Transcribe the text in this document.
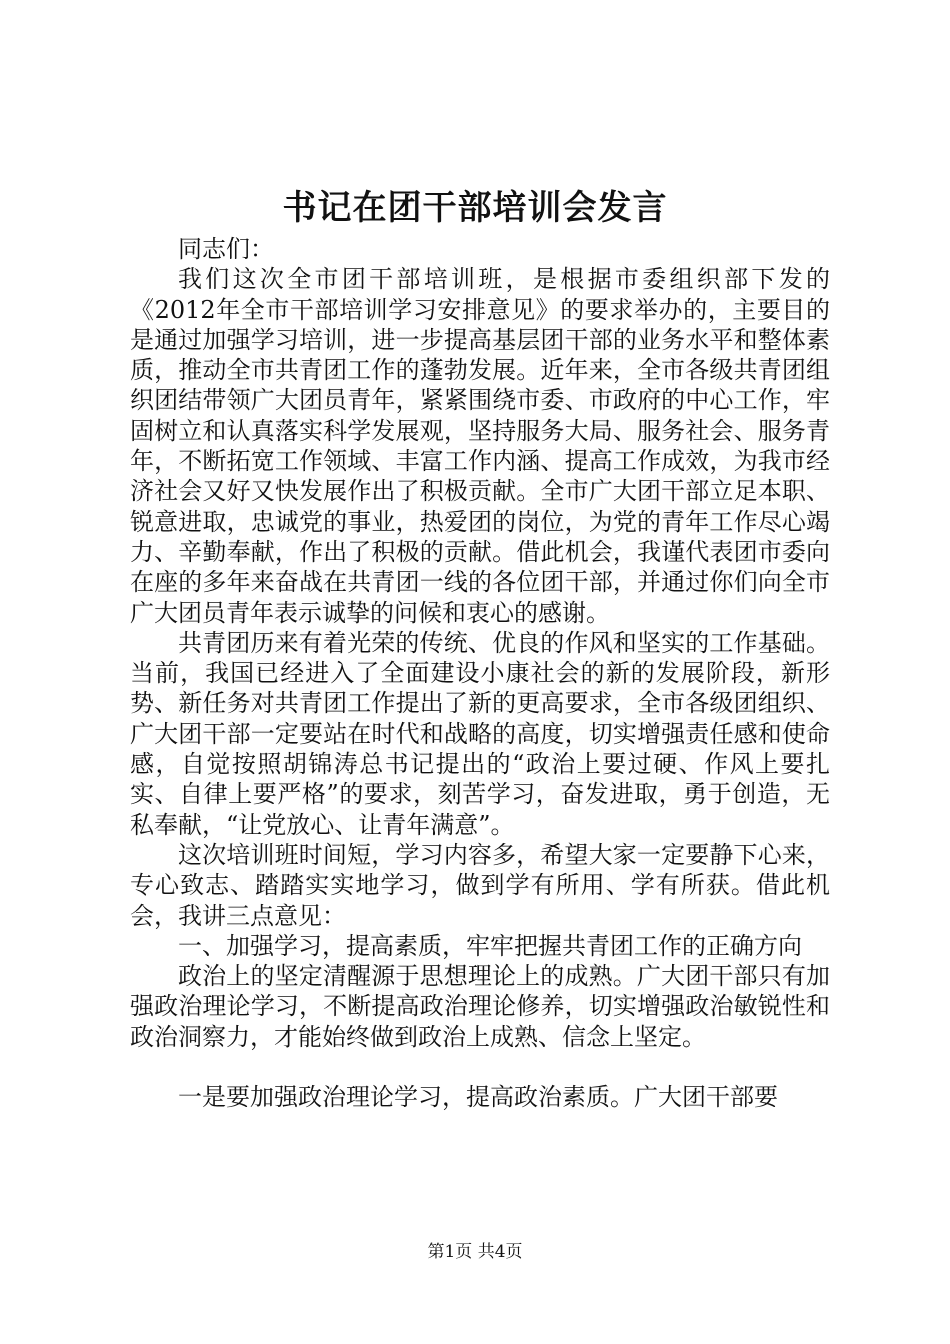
书记在团干部培训会发言

同志们：

我们这次全市团干部培训班，是根据市委组织部下发的《2012年全市干部培训学习安排意见》的要求举办的，主要目的是通过加强学习培训，进一步提高基层团干部的业务水平和整体素质，推动全市共青团工作的蓬勃发展。近年来，全市各级共青团组织团结带领广大团员青年，紧紧围绕市委、市政府的中心工作，牢固树立和认真落实科学发展观，坚持服务大局、服务社会、服务青年，不断拓宽工作领域、丰富工作内涵、提高工作成效，为我市经济社会又好又快发展作出了积极贡献。全市广大团干部立足本职、锐意进取，忠诚党的事业，热爱团的岗位，为党的青年工作尽心竭力、辛勤奉献，作出了积极的贡献。借此机会，我谨代表团市委向在座的多年来奋战在共青团一线的各位团干部，并通过你们向全市广大团员青年表示诚挚的问候和衷心的感谢。

共青团历来有着光荣的传统、优良的作风和坚实的工作基础。当前，我国已经进入了全面建设小康社会的新的发展阶段，新形势、新任务对共青团工作提出了新的更高要求，全市各级团组织、广大团干部一定要站在时代和战略的高度，切实增强责任感和使命感，自觉按照胡锦涛总书记提出的“政治上要过硬、作风上要扎实、自律上要严格”的要求，刻苦学习，奋发进取，勇于创造，无私奉献，“让党放心、让青年满意”。

这次培训班时间短，学习内容多，希望大家一定要静下心来，专心致志、踏踏实实地学习，做到学有所用、学有所获。借此机会，我讲三点意见：

一、加强学习，提高素质，牢牢把握共青团工作的正确方向

政治上的坚定清醒源于思想理论上的成熟。广大团干部只有加强政治理论学习，不断提高政治理论修养，切实增强政治敏锐性和政治洞察力，才能始终做到政治上成熟、信念上坚定。

一是要加强政治理论学习，提高政治素质。广大团干部要

第1页 共4页
